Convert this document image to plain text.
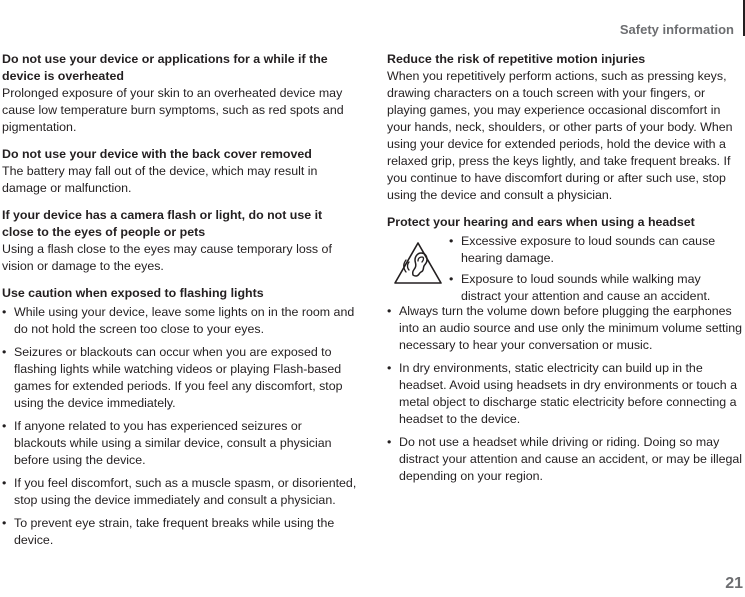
Safety information
Do not use your device or applications for a while if the device is overheated

Prolonged exposure of your skin to an overheated device may cause low temperature burn symptoms, such as red spots and pigmentation.

Do not use your device with the back cover removed

The battery may fall out of the device, which may result in damage or malfunction.

If your device has a camera flash or light, do not use it close to the eyes of people or pets

Using a flash close to the eyes may cause temporary loss of vision or damage to the eyes.

Use caution when exposed to flashing lights
• While using your device, leave some lights on in the room and do not hold the screen too close to your eyes.
• Seizures or blackouts can occur when you are exposed to flashing lights while watching videos or playing Flash-based games for extended periods. If you feel any discomfort, stop using the device immediately.
• If anyone related to you has experienced seizures or blackouts while using a similar device, consult a physician before using the device.
• If you feel discomfort, such as a muscle spasm, or disoriented, stop using the device immediately and consult a physician.
• To prevent eye strain, take frequent breaks while using the device.
Reduce the risk of repetitive motion injuries

When you repetitively perform actions, such as pressing keys, drawing characters on a touch screen with your fingers, or playing games, you may experience occasional discomfort in your hands, neck, shoulders, or other parts of your body. When using your device for extended periods, hold the device with a relaxed grip, press the keys lightly, and take frequent breaks. If you continue to have discomfort during or after such use, stop using the device and consult a physician.

Protect your hearing and ears when using a headset
• Excessive exposure to loud sounds can cause hearing damage.
• Exposure to loud sounds while walking may distract your attention and cause an accident.
• Always turn the volume down before plugging the earphones into an audio source and use only the minimum volume setting necessary to hear your conversation or music.
• In dry environments, static electricity can build up in the headset. Avoid using headsets in dry environments or touch a metal object to discharge static electricity before connecting a headset to the device.
• Do not use a headset while driving or riding. Doing so may distract your attention and cause an accident, or may be illegal depending on your region.
21
